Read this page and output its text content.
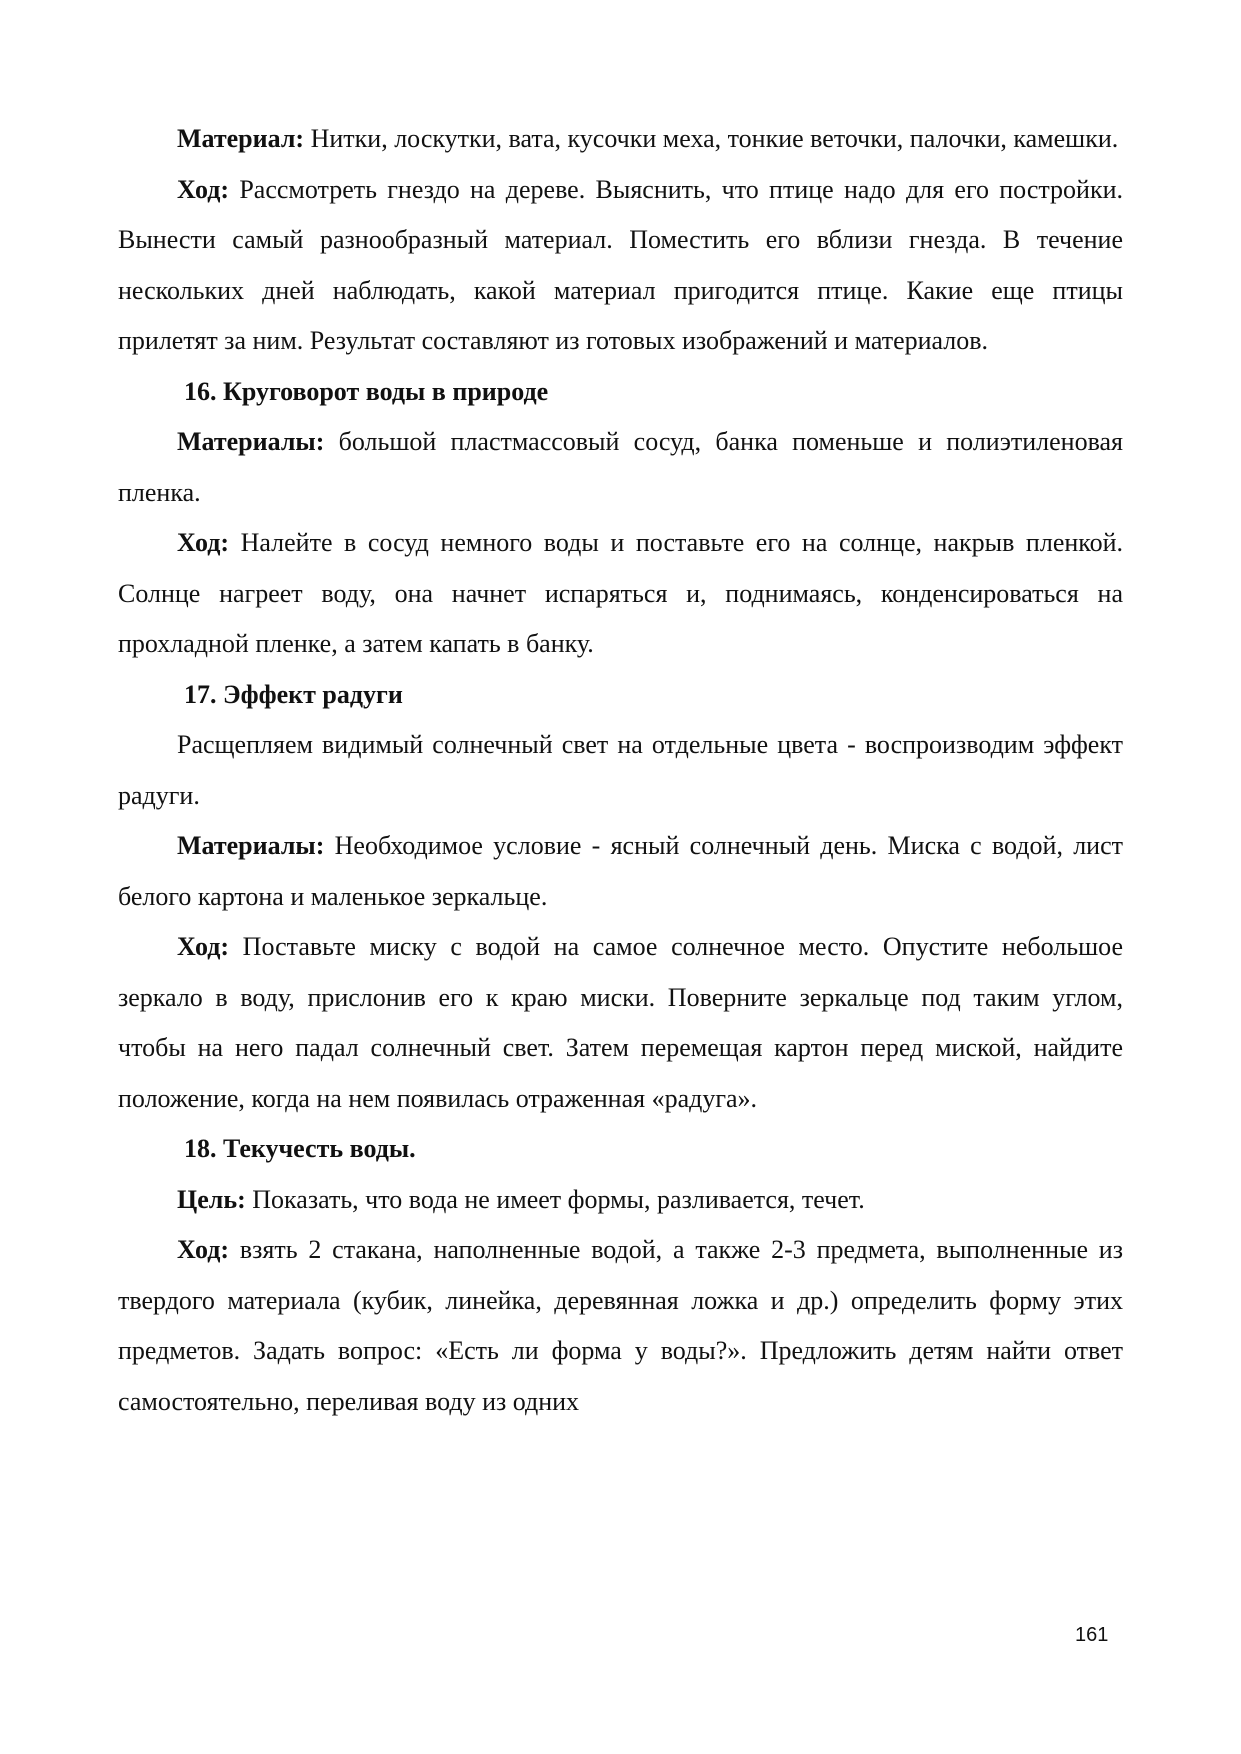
Материал: Нитки, лоскутки, вата, кусочки меха, тонкие веточки, палочки, камешки.

Ход: Рассмотреть гнездо на дереве. Выяснить, что птице надо для его постройки. Вынести самый разнообразный материал. Поместить его вблизи гнезда. В течение нескольких дней наблюдать, какой материал пригодится птице. Какие еще птицы прилетят за ним. Результат составляют из готовых изображений и материалов.

16. Круговорот воды в природе

Материалы: большой пластмассовый сосуд, банка поменьше и полиэтиленовая пленка.

Ход: Налейте в сосуд немного воды и поставьте его на солнце, накрыв пленкой. Солнце нагреет воду, она начнет испаряться и, поднимаясь, конденсироваться на прохладной пленке, а затем капать в банку.

17. Эффект радуги

Расщепляем видимый солнечный свет на отдельные цвета - воспроизводим эффект радуги.

Материалы: Необходимое условие - ясный солнечный день. Миска с водой, лист белого картона и маленькое зеркальце.

Ход: Поставьте миску с водой на самое солнечное место. Опустите небольшое зеркало в воду, прислонив его к краю миски. Поверните зеркальце под таким углом, чтобы на него падал солнечный свет. Затем перемещая картон перед миской, найдите положение, когда на нем появилась отраженная «радуга».

18. Текучесть воды.

Цель: Показать, что вода не имеет формы, разливается, течет.

Ход: взять 2 стакана, наполненные водой, а также 2-3 предмета, выполненные из твердого материала (кубик, линейка, деревянная ложка и др.) определить форму этих предметов. Задать вопрос: «Есть ли форма у воды?». Предложить детям найти ответ самостоятельно, переливая воду из одних

161
